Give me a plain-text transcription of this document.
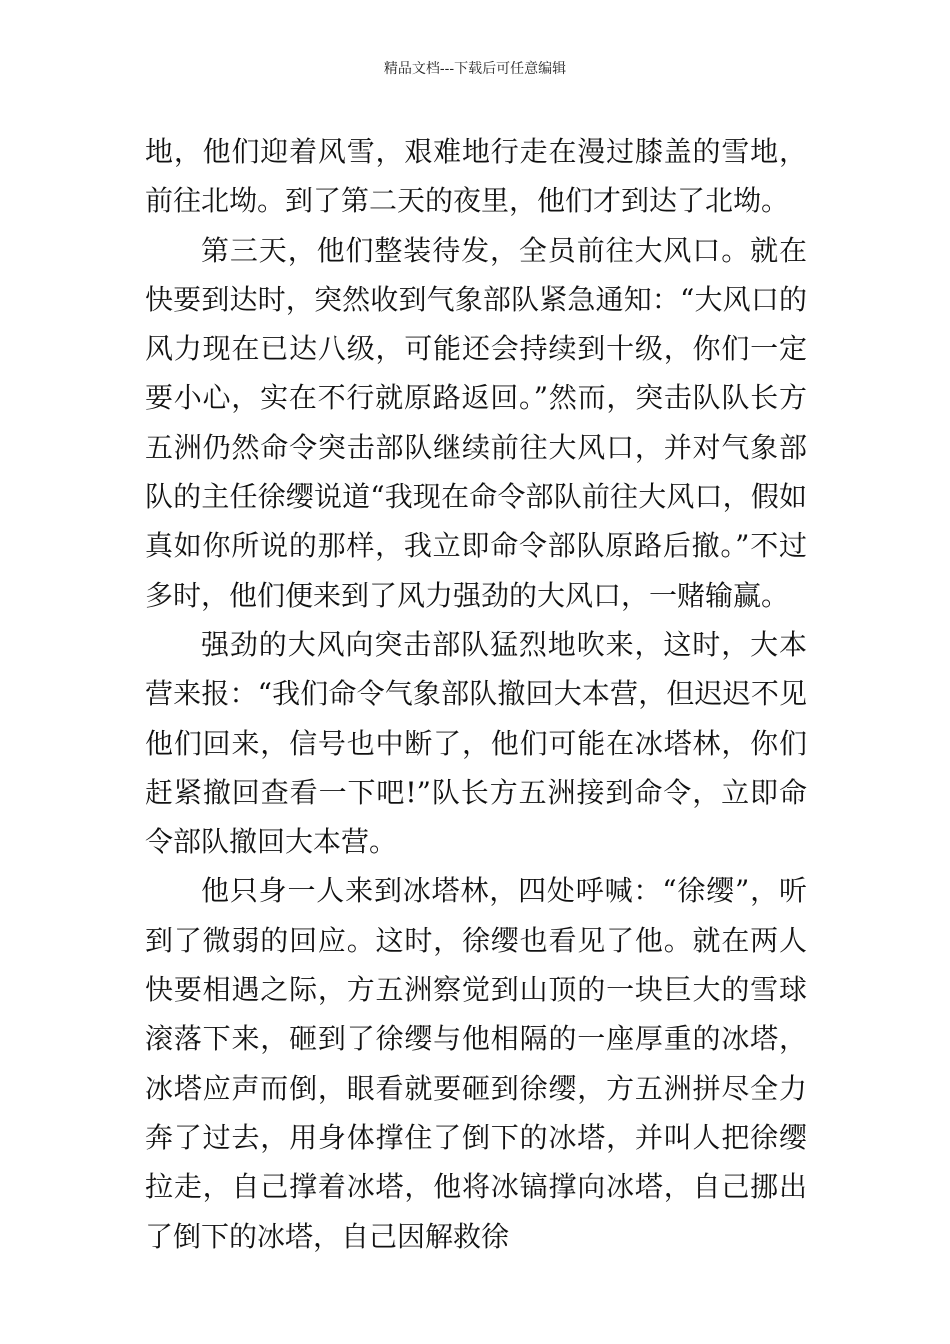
精品文档---下载后可任意编辑

地，他们迎着风雪，艰难地行走在漫过膝盖的雪地，前往北坳。到了第二天的夜里，他们才到达了北坳。

第三天，他们整装待发，全员前往大风口。就在快要到达时，突然收到气象部队紧急通知：“大风口的风力现在已达八级，可能还会持续到十级，你们一定要小心，实在不行就原路返回。”然而，突击队队长方五洲仍然命令突击部队继续前往大风口，并对气象部队的主任徐缨说道“我现在命令部队前往大风口，假如真如你所说的那样，我立即命令部队原路后撤。”不过多时，他们便来到了风力强劲的大风口，一赌输赢。

强劲的大风向突击部队猛烈地吹来，这时，大本营来报：“我们命令气象部队撤回大本营，但迟迟不见他们回来，信号也中断了，他们可能在冰塔林，你们赶紧撤回查看一下吧!”队长方五洲接到命令，立即命令部队撤回大本营。

他只身一人来到冰塔林，四处呼喊：“徐缨”，听到了微弱的回应。这时，徐缨也看见了他。就在两人快要相遇之际，方五洲察觉到山顶的一块巨大的雪球滚落下来，砸到了徐缨与他相隔的一座厚重的冰塔，冰塔应声而倒，眼看就要砸到徐缨，方五洲拼尽全力奔了过去，用身体撑住了倒下的冰塔，并叫人把徐缨拉走，自己撑着冰塔，他将冰镐撑向冰塔，自己挪出了倒下的冰塔，自己因解救徐
